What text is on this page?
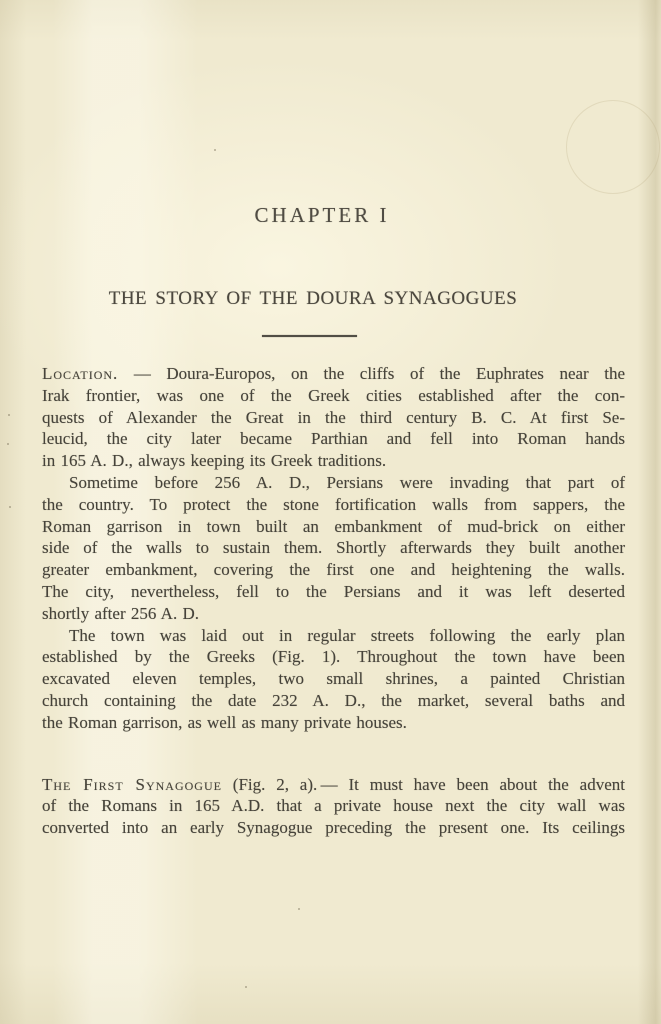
CHAPTER I
THE STORY OF THE DOURA SYNAGOGUES
Location. — Doura-Europos, on the cliffs of the Euphrates near the
Irak frontier, was one of the Greek cities established after the con-
quests of Alexander the Great in the third century B. C. At first Se-
leucid, the city later became Parthian and fell into Roman hands
in 165 A. D., always keeping its Greek traditions.
Sometime before 256 A. D., Persians were invading that part of
the country. To protect the stone fortification walls from sappers, the
Roman garrison in town built an embankment of mud-brick on either
side of the walls to sustain them. Shortly afterwards they built another
greater embankment, covering the first one and heightening the walls.
The city, nevertheless, fell to the Persians and it was left deserted
shortly after 256 A. D.
The town was laid out in regular streets following the early plan
established by the Greeks (Fig. 1). Throughout the town have been
excavated eleven temples, two small shrines, a painted Christian
church containing the date 232 A. D., the market, several baths and
the Roman garrison, as well as many private houses.
The First Synagogue (Fig. 2, a). — It must have been about the advent
of the Romans in 165 A.D. that a private house next the city wall was
converted into an early Synagogue preceding the present one. Its ceilings
